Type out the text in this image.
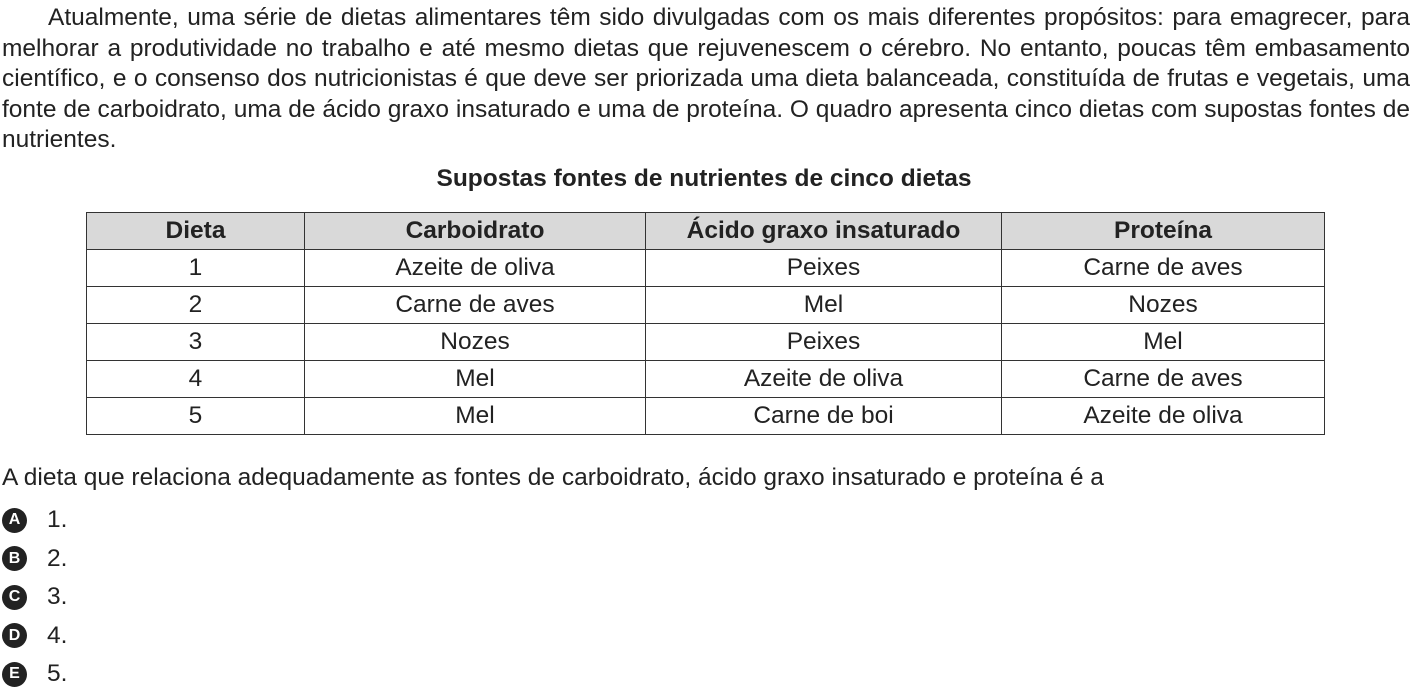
Atualmente, uma série de dietas alimentares têm sido divulgadas com os mais diferentes propósitos: para emagrecer, para melhorar a produtividade no trabalho e até mesmo dietas que rejuvenescem o cérebro. No entanto, poucas têm embasamento científico, e o consenso dos nutricionistas é que deve ser priorizada uma dieta balanceada, constituída de frutas e vegetais, uma fonte de carboidrato, uma de ácido graxo insaturado e uma de proteína. O quadro apresenta cinco dietas com supostas fontes de nutrientes.

Supostas fontes de nutrientes de cinco dietas

Dieta	Carboidrato	Ácido graxo insaturado	Proteína
1	Azeite de oliva	Peixes	Carne de aves
2	Carne de aves	Mel	Nozes
3	Nozes	Peixes	Mel
4	Mel	Azeite de oliva	Carne de aves
5	Mel	Carne de boi	Azeite de oliva

A dieta que relaciona adequadamente as fontes de carboidrato, ácido graxo insaturado e proteína é a

A 1.
B 2.
C 3.
D 4.
E 5.
